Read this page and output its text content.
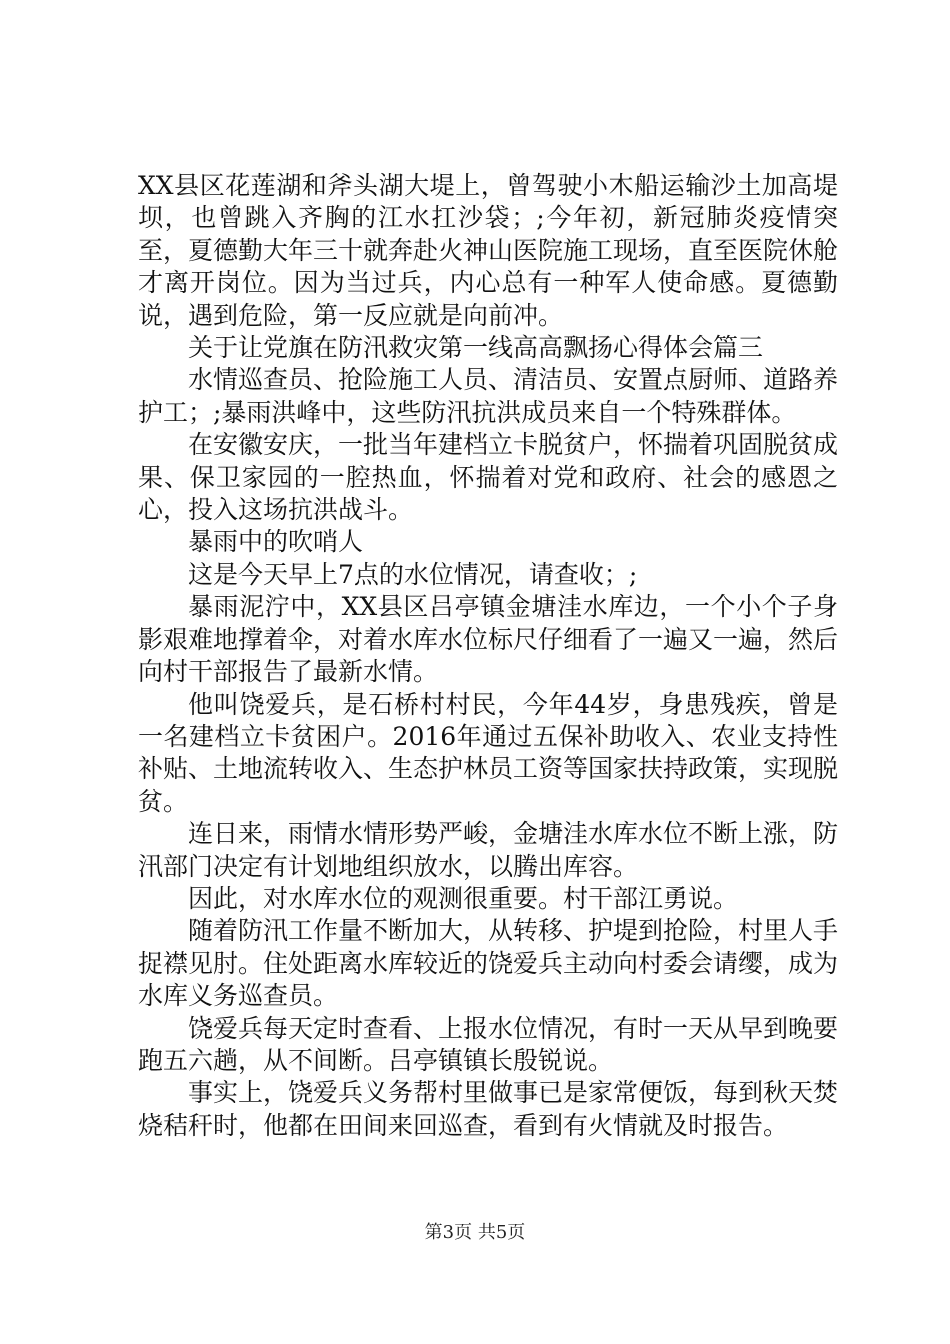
XX县区花莲湖和斧头湖大堤上，曾驾驶小木船运输沙土加高堤坝，也曾跳入齐胸的江水扛沙袋；;今年初，新冠肺炎疫情突至，夏德勤大年三十就奔赴火神山医院施工现场，直至医院休舱才离开岗位。因为当过兵，内心总有一种军人使命感。夏德勤说，遇到危险，第一反应就是向前冲。

关于让党旗在防汛救灾第一线高高飘扬心得体会篇三

水情巡查员、抢险施工人员、清洁员、安置点厨师、道路养护工；;暴雨洪峰中，这些防汛抗洪成员来自一个特殊群体。

在安徽安庆，一批当年建档立卡脱贫户，怀揣着巩固脱贫成果、保卫家园的一腔热血，怀揣着对党和政府、社会的感恩之心，投入这场抗洪战斗。

暴雨中的吹哨人

这是今天早上7点的水位情况，请查收；;

暴雨泥泞中，XX县区吕亭镇金塘洼水库边，一个小个子身影艰难地撑着伞，对着水库水位标尺仔细看了一遍又一遍，然后向村干部报告了最新水情。

他叫饶爱兵，是石桥村村民，今年44岁，身患残疾，曾是一名建档立卡贫困户。2016年通过五保补助收入、农业支持性补贴、土地流转收入、生态护林员工资等国家扶持政策，实现脱贫。

连日来，雨情水情形势严峻，金塘洼水库水位不断上涨，防汛部门决定有计划地组织放水，以腾出库容。

因此，对水库水位的观测很重要。村干部江勇说。

随着防汛工作量不断加大，从转移、护堤到抢险，村里人手捉襟见肘。住处距离水库较近的饶爱兵主动向村委会请缨，成为水库义务巡查员。

饶爱兵每天定时查看、上报水位情况，有时一天从早到晚要跑五六趟，从不间断。吕亭镇镇长殷锐说。

事实上，饶爱兵义务帮村里做事已是家常便饭，每到秋天焚烧秸秆时，他都在田间来回巡查，看到有火情就及时报告。

第3页 共5页
